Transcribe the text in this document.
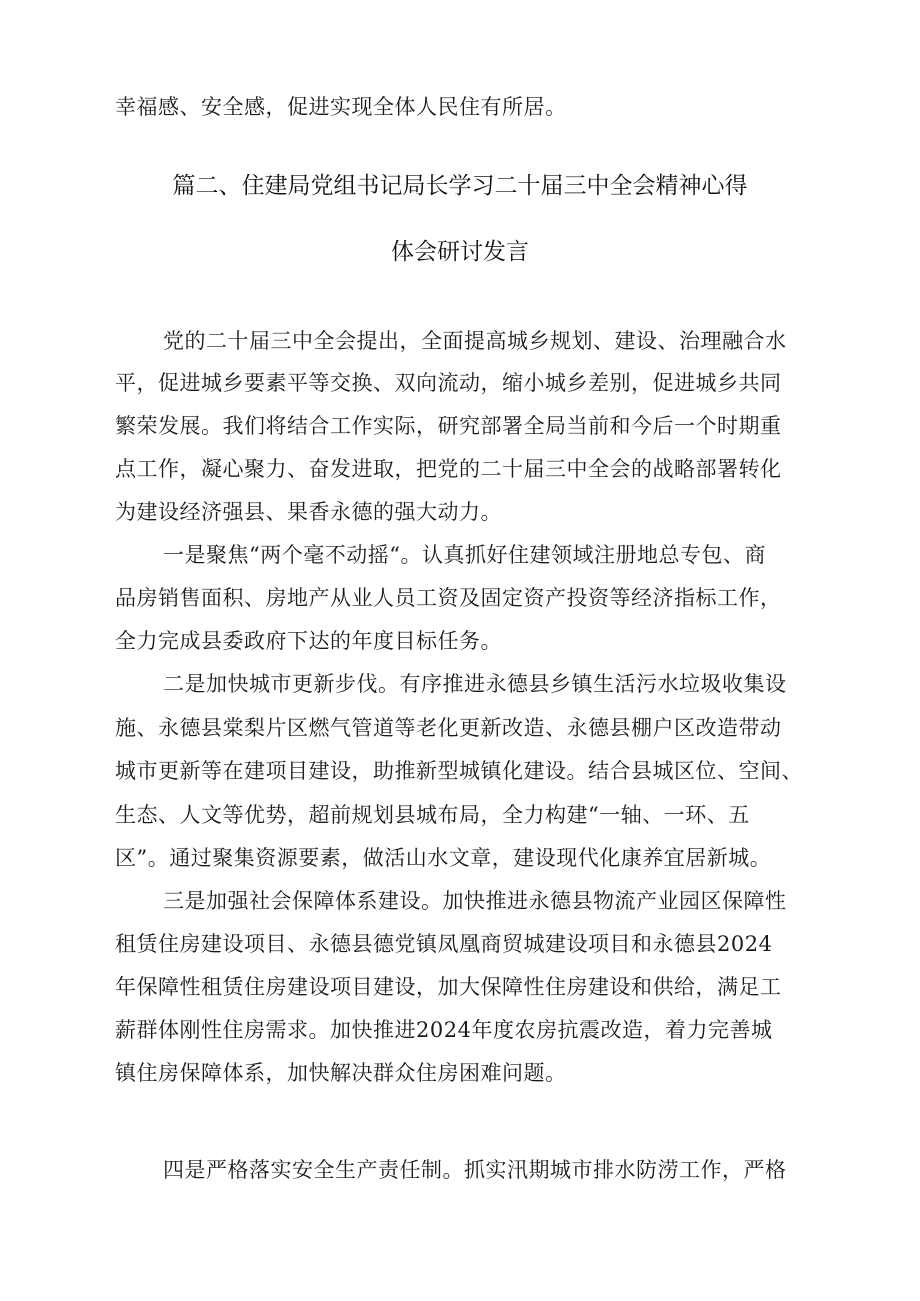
幸福感、安全感，促进实现全体人民住有所居。
篇二、住建局党组书记局长学习二十届三中全会精神心得
体会研讨发言
党的二十届三中全会提出，全面提高城乡规划、建设、治理融合水
平，促进城乡要素平等交换、双向流动，缩小城乡差别，促进城乡共同
繁荣发展。我们将结合工作实际，研究部署全局当前和今后一个时期重
点工作，凝心聚力、奋发进取，把党的二十届三中全会的战略部署转化
为建设经济强县、果香永德的强大动力。
一是聚焦“两个毫不动摇“。认真抓好住建领域注册地总专包、商
品房销售面积、房地产从业人员工资及固定资产投资等经济指标工作，
全力完成县委政府下达的年度目标任务。
二是加快城市更新步伐。有序推进永德县乡镇生活污水垃圾收集设
施、永德县棠梨片区燃气管道等老化更新改造、永德县棚户区改造带动
城市更新等在建项目建设，助推新型城镇化建设。结合县城区位、空间、
生态、人文等优势，超前规划县城布局，全力构建“一轴、一环、五
区”。通过聚集资源要素，做活山水文章，建设现代化康养宜居新城。
三是加强社会保障体系建设。加快推进永德县物流产业园区保障性
租赁住房建设项目、永德县德党镇凤凰商贸城建设项目和永德县2024
年保障性租赁住房建设项目建设，加大保障性住房建设和供给，满足工
薪群体刚性住房需求。加快推进2024年度农房抗震改造，着力完善城
镇住房保障体系，加快解决群众住房困难问题。
四是严格落实安全生产责任制。抓实汛期城市排水防涝工作，严格
